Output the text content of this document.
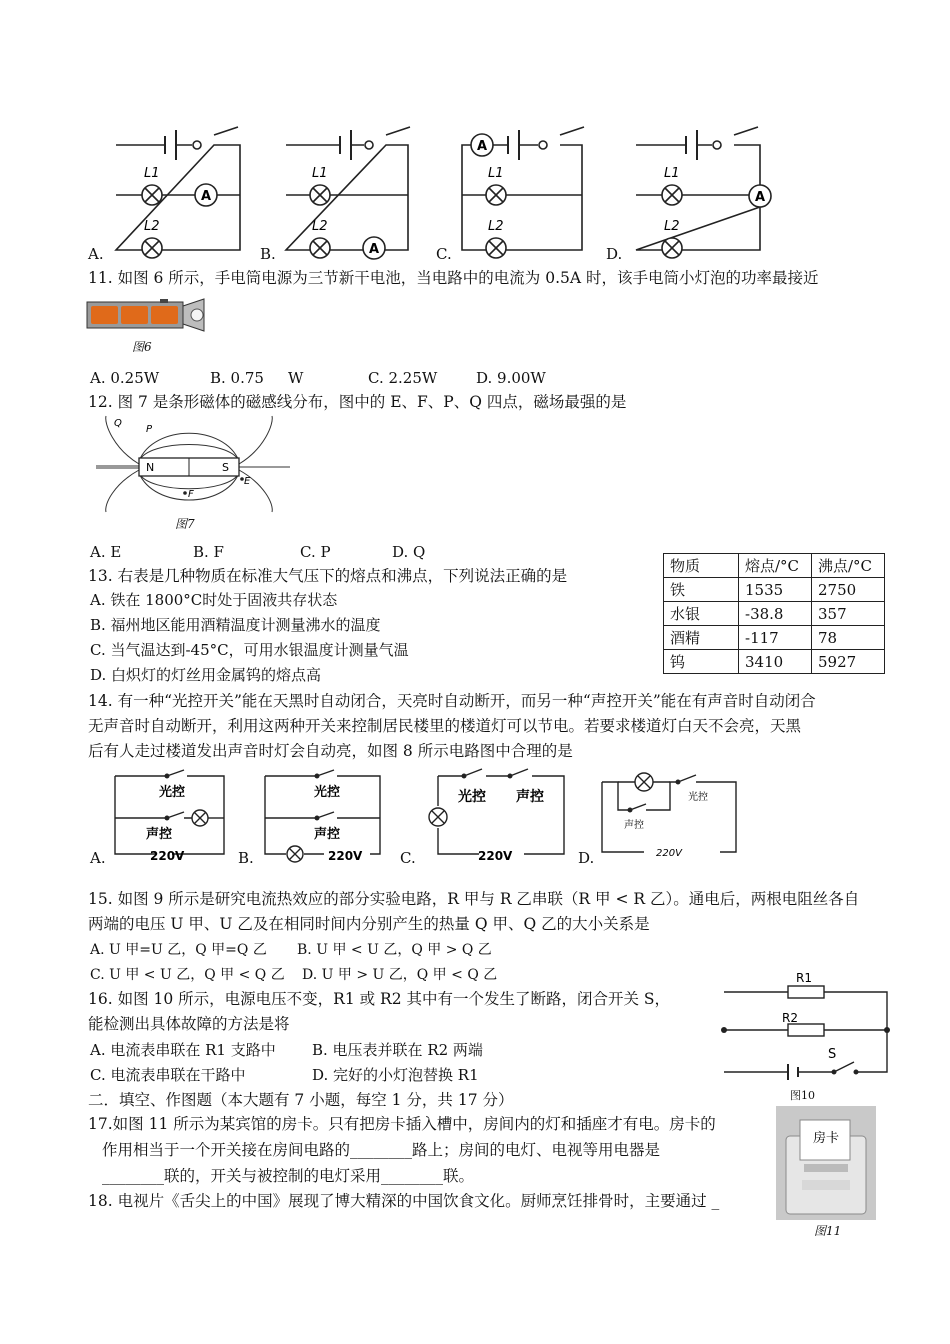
A
L1
L2
A.	A
L1
L2
B.
A
L1
L2
C.
A
L1
L2
D.
11. 如图 6 所示，手电筒电源为三节新干电池，当电路中的电流为 0.5A 时，该手电筒小灯泡的功率最接近
图6
A. 0.25W	B. 0.75 W	C. 2.25W	D. 9.00W
12. 图 7 是条形磁体的磁感线分布，图中的 E、F、P、Q 四点，磁场最强的是
N	S
Q
P
E
F
图7
A. E	B. F	C. P	D. Q
13. 右表是几种物质在标准大气压下的熔点和沸点，下列说法正确的是
A. 铁在 1800°C时处于固液共存状态
B. 福州地区能用酒精温度计测量沸水的温度
C. 当气温达到-45°C，可用水银温度计测量气温
D. 白炽灯的灯丝用金属钨的熔点高
物质	熔点/°C	沸点/°C
铁	1535	2750
水银	-38.8	357
酒精	-117	78
钨	3410	5927
14. 有一种“光控开关”能在天黑时自动闭合，天亮时自动断开，而另一种“声控开关”能在有声音时自动闭合
无声音时自动断开，利用这两种开关来控制居民楼里的楼道灯可以节电。若要求楼道灯白天不会亮，天黑
后有人走过楼道发出声音时灯会自动亮，如图 8 所示电路图中合理的是
光控
声控
220V
A.
光控
声控
220V
B.
光控 声控
220V
C.
光控
声控
220V
D.
15. 如图 9 所示是研究电流热效应的部分实验电路，R 甲与 R 乙串联（R 甲 < R 乙）。通电后，两根电阻丝各自
两端的电压 U 甲、U 乙及在相同时间内分别产生的热量 Q 甲、Q 乙的大小关系是
A. U 甲=U 乙，Q 甲=Q 乙 B. U 甲 < U 乙，Q 甲 > Q 乙
C. U 甲 < U 乙，Q 甲 < Q 乙 D. U 甲 > U 乙，Q 甲 < Q 乙
16. 如图 10 所示，电源电压不变，R1 或 R2 其中有一个发生了断路，闭合开关 S，
能检测出具体故障的方法是将
A. 电流表串联在 R1 支路中 B. 电压表并联在 R2 两端
C. 电流表串联在干路中	D. 完好的小灯泡替换 R1
R1
R2
S
图10
二．填空、作图题（本大题有 7 小题，每空 1 分，共 17 分）
17.如图 11 所示为某宾馆的房卡。只有把房卡插入槽中，房间内的灯和插座才有电。房卡的
作用相当于一个开关接在房间电路的________路上；房间的电灯、电视等用电器是
________联的，开关与被控制的电灯采用________联。
房卡
图11
18. 电视片《舌尖上的中国》展现了博大精深的中国饮食文化。厨师烹饪排骨时，主要通过 _
